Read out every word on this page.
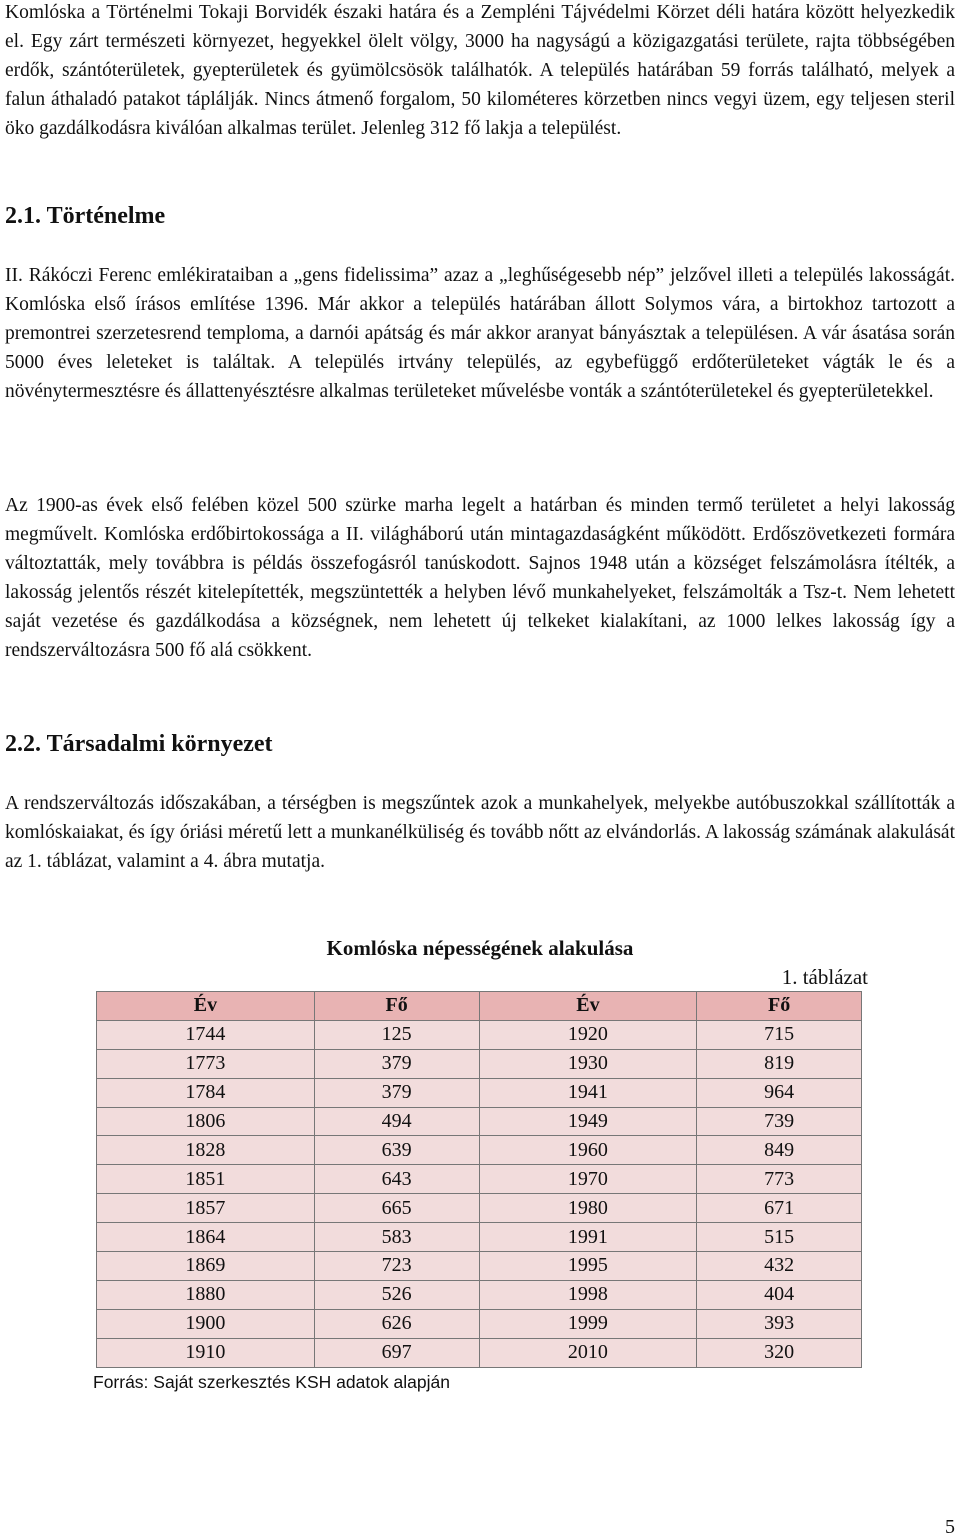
Komlóska a Történelmi Tokaji Borvidék északi határa és a Zempléni Tájvédelmi Körzet déli határa között helyezkedik el. Egy zárt természeti környezet, hegyekkel ölelt völgy, 3000 ha nagyságú a közigazgatási területe, rajta többségében erdők, szántóterületek, gyepterületek és gyümölcsösök találhatók. A település határában 59 forrás található, melyek a falun áthaladó patakot táplálják. Nincs átmenő forgalom, 50 kilométeres körzetben nincs vegyi üzem, egy teljesen steril öko gazdálkodásra kiválóan alkalmas terület. Jelenleg 312 fő lakja a települést.

2.1. Történelme

II. Rákóczi Ferenc emlékirataiban a „gens fidelissima” azaz a „leghűségesebb nép” jelzővel illeti a település lakosságát. Komlóska első írásos említése 1396. Már akkor a település határában állott Solymos vára, a birtokhoz tartozott a premontrei szerzetesrend temploma, a darnói apátság és már akkor aranyat bányásztak a településen. A vár ásatása során 5000 éves leleteket is találtak. A település irtvány település, az egybefüggő erdőterületeket vágták le és a növénytermesztésre és állattenyésztésre alkalmas területeket művelésbe vonták a szántóterületekel és gyepterületekkel.

Az 1900-as évek első felében közel 500 szürke marha legelt a határban és minden termő területet a helyi lakosság megművelt. Komlóska erdőbirtokossága a II. világháború után mintagazdaságként működött. Erdőszövetkezeti formára változtatták, mely továbbra is példás összefogásról tanúskodott. Sajnos 1948 után a községet felszámolásra ítélték, a lakosság jelentős részét kitelepítették, megszüntették a helyben lévő munkahelyeket, felszámolták a Tsz-t. Nem lehetett saját vezetése és gazdálkodása a községnek, nem lehetett új telkeket kialakítani, az 1000 lelkes lakosság így a rendszerváltozásra 500 fő alá csökkent.

2.2. Társadalmi környezet

A rendszerváltozás időszakában, a térségben is megszűntek azok a munkahelyek, melyekbe autóbuszokkal szállították a komlóskaiakat, és így óriási méretű lett a munkanélküliség és tovább nőtt az elvándorlás. A lakosság számának alakulását az 1. táblázat, valamint a 4. ábra mutatja.

Komlóska népességének alakulása
1. táblázat
Év	Fő	Év	Fő
1744	125	1920	715
1773	379	1930	819
1784	379	1941	964
1806	494	1949	739
1828	639	1960	849
1851	643	1970	773
1857	665	1980	671
1864	583	1991	515
1869	723	1995	432
1880	526	1998	404
1900	626	1999	393
1910	697	2010	320
Forrás: Saját szerkesztés KSH adatok alapján
5
